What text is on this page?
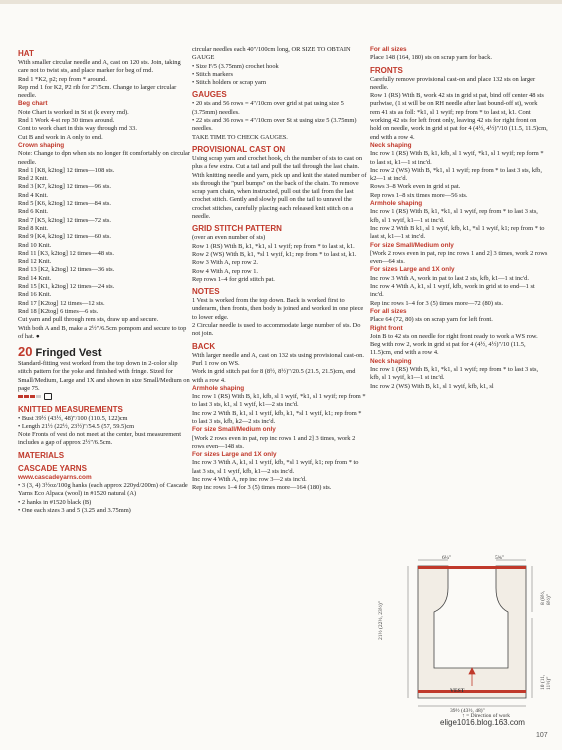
HAT
With smaller circular needle and A, cast on 120 sts. Join, taking care not to twist sts, and place marker for beg of rnd.
Rnd 1 *K2, p2; rep from * around.
Rep rnd 1 for K2, P2 rib for 2"/5cm. Change to larger circular needle.
Beg chart
Note Chart is worked in St st (k every rnd).
Rnd 1 Work 4-st rep 30 times around.
Cont to work chart in this way through rnd 33.
Cut B and work in A only to end.
Crown shaping
Note: Change to dpn when sts no longer fit comfortably on circular needle.
Rnd 1 [K8, k2tog] 12 times—108 sts.
Rnd 2 Knit.
Rnd 3 [K7, k2tog] 12 times—96 sts.
Rnd 4 Knit.
Rnd 5 [K6, k2tog] 12 times—84 sts.
Rnd 6 Knit.
Rnd 7 [K5, k2tog] 12 times—72 sts.
Rnd 8 Knit.
Rnd 9 [K4, k2tog] 12 times—60 sts.
Rnd 10 Knit.
Rnd 11 [K3, k2tog] 12 times—48 sts.
Rnd 12 Knit.
Rnd 13 [K2, k2tog] 12 times—36 sts.
Rnd 14 Knit.
Rnd 15 [K1, k2tog] 12 times—24 sts.
Rnd 16 Knit.
Rnd 17 [K2tog] 12 times—12 sts.
Rnd 18 [K2tog] 6 times—6 sts.
Cut yarn and pull through rem sts, draw up and secure.
With both A and B, make a 2½"/6.5cm pompom and secure to top of hat. ●
20 Fringed Vest
Standard-fitting vest worked from the top down in 2-color slip stitch pattern for the yoke and finished with fringe. Sized for Small/Medium, Large and 1X and shown in size Small/Medium on page 75.
KNITTED MEASUREMENTS
• Bust 39½ (43½, 48)"/100 (110.5, 122)cm
• Length 21½ (22½, 23½)"/54.5 (57, 59.5)cm
Note Fronts of vest do not meet at the center, bust measurement includes a gap of approx 2½"/6.5cm.
MATERIALS
CASCADE YARNS
www.cascadeyarns.com
• 3 (3, 4) 3½oz/100g hanks (each approx 220yd/200m) of Cascade Yarns Eco Alpaca (wool) in #1520 natural (A)
• 2 hanks in #1520 black (B)
• One each sizes 3 and 5 (3.25 and 3.75mm)
circular needles each 40"/100cm long, OR SIZE TO OBTAIN GAUGE
• Size F/5 (3.75mm) crochet hook
• Stitch markers
• Stitch holders or scrap yarn
GAUGES
• 20 sts and 56 rows = 4"/10cm over grid st pat using size 5 (3.75mm) needles.
• 22 sts and 36 rows = 4"/10cm over St st using size 5 (3.75mm) needles.
TAKE TIME TO CHECK GAUGES.
PROVISIONAL CAST ON
Using scrap yarn and crochet hook, ch the number of sts to cast on plus a few extra. Cut a tail and pull the tail through the last chain. With knitting needle and yarn, pick up and knit the stated number of sts through the "purl bumps" on the back of the chain. To remove scrap yarn chain, when instructed, pull out the tail from the last crochet stitch. Gently and slowly pull on the tail to unravel the crochet stitches, carefully placing each released knit stitch on a needle.
GRID STITCH PATTERN
(over an even number of sts)
Row 1 (RS) With B, k1, *k1, sl 1 wyif; rep from * to last st, k1.
Row 2 (WS) With B, k1, *sl 1 wyif, k1; rep from * to last st, k1.
Row 3 With A, rep row 2.
Row 4 With A, rep row 1.
Rep rows 1–4 for grid stitch pat.
NOTES
1 Vest is worked from the top down. Back is worked first to underarm, then fronts, then body is joined and worked in one piece to lower edge.
2 Circular needle is used to accommodate large number of sts. Do not join.
BACK
With larger needle and A, cast on 132 sts using provisional cast-on. Purl 1 row on WS.
Work in grid stitch pat for 8 (8½, 8½)"/20.5 (21.5, 21.5)cm, end with a row 4.
Armhole shaping
Inc row 1 (RS) With B, k1, kfb, sl 1 wyif, *k1, sl 1 wyif; rep from * to last 3 sts, k1, sl 1 wyif, k1—2 sts inc'd.
Inc row 2 With B, k1, sl 1 wyif, kfb, k1, *sl 1 wyif, k1; rep from * to last 3 sts, kfb, k2—2 sts inc'd.
For size Small/Medium only
[Work 2 rows even in pat, rep inc rows 1 and 2] 3 times, work 2 rows even—148 sts.
For sizes Large and 1X only
Inc row 3 With A, k1, sl 1 wyif, kfb, *sl 1 wyif, k1; rep from * to last 3 sts, sl 1 wyif, kfb, k1—2 sts inc'd.
Inc row 4 With A, rep inc row 3—2 sts inc'd.
Rep inc rows 1–4 for 3 (5) times more—164 (180) sts.
For all sizes
Place 148 (164, 180) sts on scrap yarn for back.
FRONTS
Carefully remove provisional cast-on and place 132 sts on larger needle.
Row 1 (RS) With B, work 42 sts in grid st pat, bind off center 48 sts purlwise, (1 st will be on RH needle after last bound-off st), work rem 41 sts as foll: *k1, sl 1 wyif; rep from * to last st, k1. Cont working 42 sts for left front only, leaving 42 sts for right front on hold on needle, work in grid st pat for 4 (4½, 4½)"/10 (11.5, 11.5)cm, end with a row 4.
Neck shaping
Inc row 1 (RS) With B, k1, kfb, sl 1 wyif, *k1, sl 1 wyif; rep form * to last st, k1—1 st inc'd.
Inc row 2 (WS) With B, *k1, sl 1 wyif; rep from * to last 3 sts, kfb, k2—1 st inc'd.
Rows 3–8 Work even in grid st pat.
Rep rows 1–8 six times more—56 sts.
Armhole shaping
Inc row 1 (RS) With B, k1, *k1, sl 1 wyif, rep from * to last 3 sts, kfb, sl 1 wyif, k1—1 st inc'd.
Inc row 2 With B k1, sl 1 wyif, kfb, k1, *sl 1 wyif, k1; rep from * to last st, k1—1 st inc'd.
For size Small/Medium only
[Work 2 rows even in pat, rep inc rows 1 and 2] 3 times, work 2 rows even—64 sts.
For sizes Large and 1X only
Inc row 3 With A, work in pat to last 2 sts, kfb, k1—1 st inc'd.
Inc row 4 With A, k1, sl 1 wyif, kfb, work in grid st to end—1 st inc'd.
Rep inc rows 1–4 for 3 (5) times more—72 (80) sts.
For all sizes
Place 64 (72, 80) sts on scrap yarn for left front.
Right front
Join B to 42 sts on needle for right front ready to work a WS row. Beg with row 2, work in grid st pat for 4 (4½, 4½)"/10 (11.5, 11.5)cm, end with a row 4.
Neck shaping
Inc row 1 (RS) With B, k1, *k1, sl 1 wyif; rep from * to last 3 sts, kfb, sl 1 wyif, k1—1 st inc'd.
Inc row 2 (WS) With B, k1, sl 1 wyif, kfb, k1, sl
6¼"	5¾"
21½ (22½, 23½)"
8 (8½, 8½)"
10 (11, 11½)"
VEST
39½ (43½, 48)"
↑ = Direction of work
elige1016.blog.163.com
107
